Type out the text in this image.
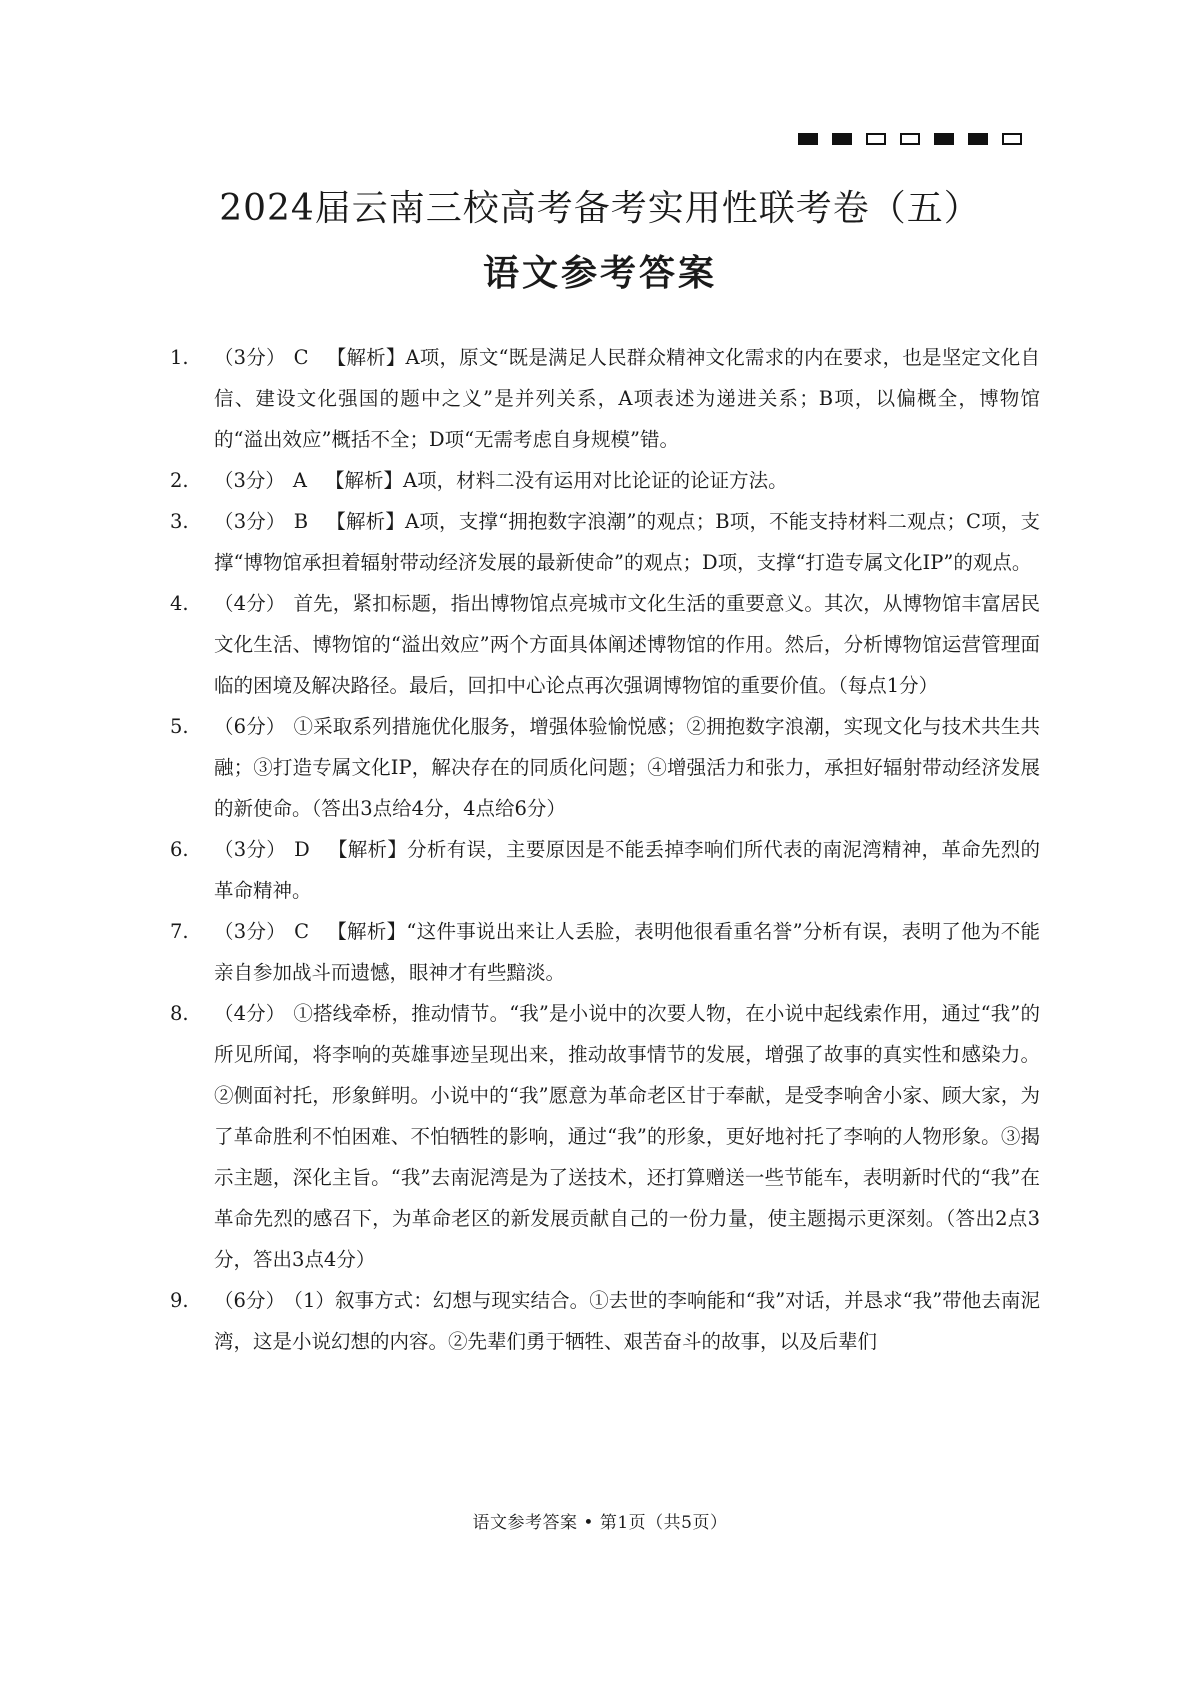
2024届云南三校高考备考实用性联考卷（五）
语文参考答案

1. （3分） C 【解析】A项，原文“既是满足人民群众精神文化需求的内在要求，也是坚定文化自信、建设文化强国的题中之义”是并列关系，A项表述为递进关系；B项，以偏概全，博物馆的“溢出效应”概括不全；D项“无需考虑自身规模”错。

2. （3分） A 【解析】A项，材料二没有运用对比论证的论证方法。

3. （3分） B 【解析】A项，支撑“拥抱数字浪潮”的观点；B项，不能支持材料二观点；C项，支撑“博物馆承担着辐射带动经济发展的最新使命”的观点；D项，支撑“打造专属文化IP”的观点。

4. （4分） 首先，紧扣标题，指出博物馆点亮城市文化生活的重要意义。其次，从博物馆丰富居民文化生活、博物馆的“溢出效应”两个方面具体阐述博物馆的作用。然后，分析博物馆运营管理面临的困境及解决路径。最后，回扣中心论点再次强调博物馆的重要价值。（每点1分）

5. （6分） ①采取系列措施优化服务，增强体验愉悦感；②拥抱数字浪潮，实现文化与技术共生共融；③打造专属文化IP，解决存在的同质化问题；④增强活力和张力，承担好辐射带动经济发展的新使命。（答出3点给4分，4点给6分）

6. （3分） D 【解析】分析有误，主要原因是不能丢掉李响们所代表的南泥湾精神，革命先烈的革命精神。

7. （3分） C 【解析】“这件事说出来让人丢脸，表明他很看重名誉”分析有误，表明了他为不能亲自参加战斗而遗憾，眼神才有些黯淡。

8. （4分） ①搭线牵桥，推动情节。“我”是小说中的次要人物，在小说中起线索作用，通过“我”的所见所闻，将李响的英雄事迹呈现出来，推动故事情节的发展，增强了故事的真实性和感染力。②侧面衬托，形象鲜明。小说中的“我”愿意为革命老区甘于奉献，是受李响舍小家、顾大家，为了革命胜利不怕困难、不怕牺牲的影响，通过“我”的形象，更好地衬托了李响的人物形象。③揭示主题，深化主旨。“我”去南泥湾是为了送技术，还打算赠送一些节能车，表明新时代的“我”在革命先烈的感召下，为革命老区的新发展贡献自己的一份力量，使主题揭示更深刻。（答出2点3分，答出3点4分）

9. （6分） （1）叙事方式：幻想与现实结合。①去世的李响能和“我”对话，并恳求“我”带他去南泥湾，这是小说幻想的内容。②先辈们勇于牺牲、艰苦奋斗的故事，以及后辈们

语文参考答案 • 第1页（共5页）
